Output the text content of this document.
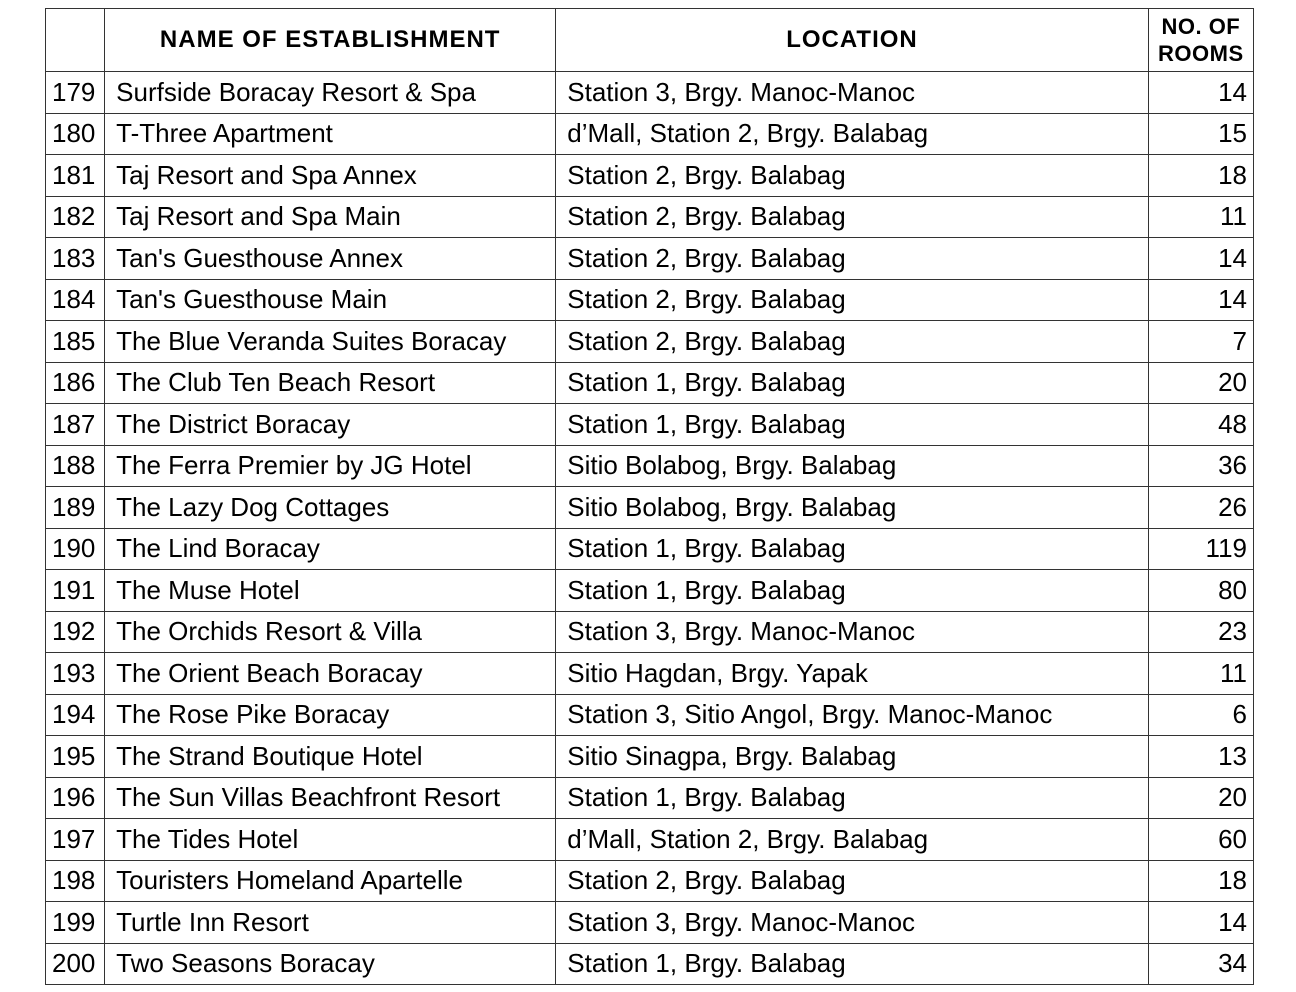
	NAME OF ESTABLISHMENT	LOCATION	NO. OF
ROOMS
179	Surfside Boracay Resort & Spa	Station 3, Brgy. Manoc-Manoc	14
180	T-Three Apartment	d’Mall, Station 2, Brgy. Balabag	15
181	Taj Resort and Spa Annex	Station 2, Brgy. Balabag	18
182	Taj Resort and Spa Main	Station 2, Brgy. Balabag	11
183	Tan's Guesthouse Annex	Station 2, Brgy. Balabag	14
184	Tan's Guesthouse Main	Station 2, Brgy. Balabag	14
185	The Blue Veranda Suites Boracay	Station 2, Brgy. Balabag	7
186	The Club Ten Beach Resort	Station 1, Brgy. Balabag	20
187	The District Boracay	Station 1, Brgy. Balabag	48
188	The Ferra Premier by JG Hotel	Sitio Bolabog, Brgy. Balabag	36
189	The Lazy Dog Cottages	Sitio Bolabog, Brgy. Balabag	26
190	The Lind Boracay	Station 1, Brgy. Balabag	119
191	The Muse Hotel	Station 1, Brgy. Balabag	80
192	The Orchids Resort & Villa	Station 3, Brgy. Manoc-Manoc	23
193	The Orient Beach Boracay	Sitio Hagdan, Brgy. Yapak	11
194	The Rose Pike Boracay	Station 3, Sitio Angol, Brgy. Manoc-Manoc	6
195	The Strand Boutique Hotel	Sitio Sinagpa, Brgy. Balabag	13
196	The Sun Villas Beachfront Resort	Station 1, Brgy. Balabag	20
197	The Tides Hotel	d’Mall, Station 2, Brgy. Balabag	60
198	Touristers Homeland Apartelle	Station 2, Brgy. Balabag	18
199	Turtle Inn Resort	Station 3, Brgy. Manoc-Manoc	14
200	Two Seasons Boracay	Station 1, Brgy. Balabag	34
